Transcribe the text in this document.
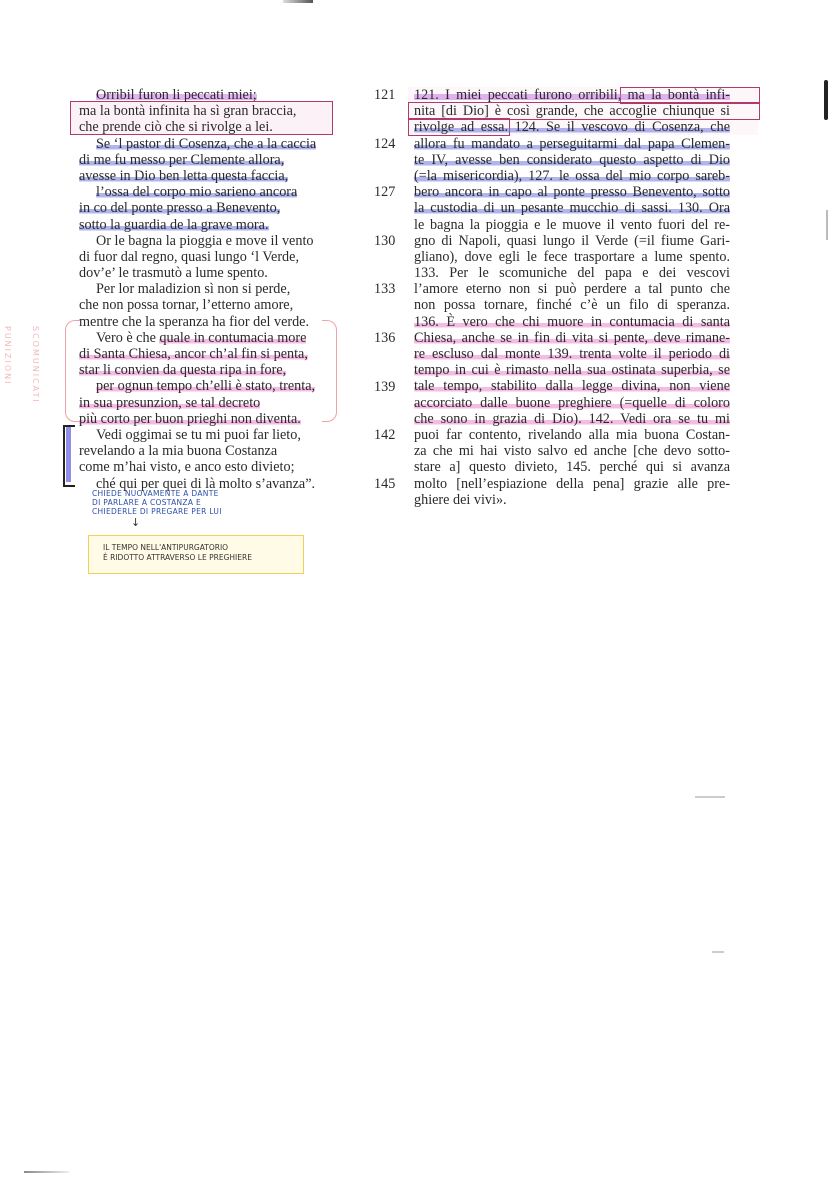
PUNIZIONI SCOMUNICATI
Orribil furon li peccati miei;
ma la bontà infinita ha sì gran braccia,
che prende ciò che si rivolge a lei.
Se ‘l pastor di Cosenza, che a la caccia
di me fu messo per Clemente allora,
avesse in Dio ben letta questa faccia,
l’ossa del corpo mio sarieno ancora
in co del ponte presso a Benevento,
sotto la guardia de la grave mora.
Or le bagna la pioggia e move il vento
di fuor dal regno, quasi lungo ‘l Verde,
dov’e’ le trasmutò a lume spento.
Per lor maladizion sì non si perde,
che non possa tornar, l’etterno amore,
mentre che la speranza ha fior del verde.
Vero è che quale in contumacia more
di Santa Chiesa, ancor ch’al fin si penta,
star li convien da questa ripa in fore,
per ognun tempo ch’elli è stato, trenta,
in sua presunzion, se tal decreto
più corto per buon prieghi non diventa.
Vedi oggimai se tu mi puoi far lieto,
revelando a la mia buona Costanza
come m’hai visto, e anco esto divieto;
ché qui per quei di là molto s’avanza”.
CHIEDE NUOVAMENTE A DANTE
DI PARLARE A COSTANZA E
CHIEDERLE DI PREGARE PER LUI
↓
IL TEMPO NELL'ANTIPURGATORIO
È RIDOTTO ATTRAVERSO LE PREGHIERE
121
124
127
130
133
136
139
142
145
121. I miei peccati furono orribili, ma la bontà infi-
nita [di Dio] è così grande, che accoglie chiunque si
rivolge ad essa. 124. Se il vescovo di Cosenza, che
allora fu mandato a perseguitarmi dal papa Clemen-
te IV, avesse ben considerato questo aspetto di Dio
(=la misericordia), 127. le ossa del mio corpo sareb-
bero ancora in capo al ponte presso Benevento, sotto
la custodia di un pesante mucchio di sassi. 130. Ora
le bagna la pioggia e le muove il vento fuori del re-
gno di Napoli, quasi lungo il Verde (=il fiume Gari-
gliano), dove egli le fece trasportare a lume spento.
133. Per le scomuniche del papa e dei vescovi
l’amore eterno non si può perdere a tal punto che
non possa tornare, finché c’è un filo di speranza.
136. È vero che chi muore in contumacia di santa
Chiesa, anche se in fin di vita si pente, deve rimane-
re escluso dal monte 139. trenta volte il periodo di
tempo in cui è rimasto nella sua ostinata superbia, se
tale tempo, stabilito dalla legge divina, non viene
accorciato dalle buone preghiere (=quelle di coloro
che sono in grazia di Dio). 142. Vedi ora se tu mi
puoi far contento, rivelando alla mia buona Costan-
za che mi hai visto salvo ed anche [che devo sotto-
stare a] questo divieto, 145. perché qui si avanza
molto [nell’espiazione della pena] grazie alle pre-
ghiere dei vivi».
